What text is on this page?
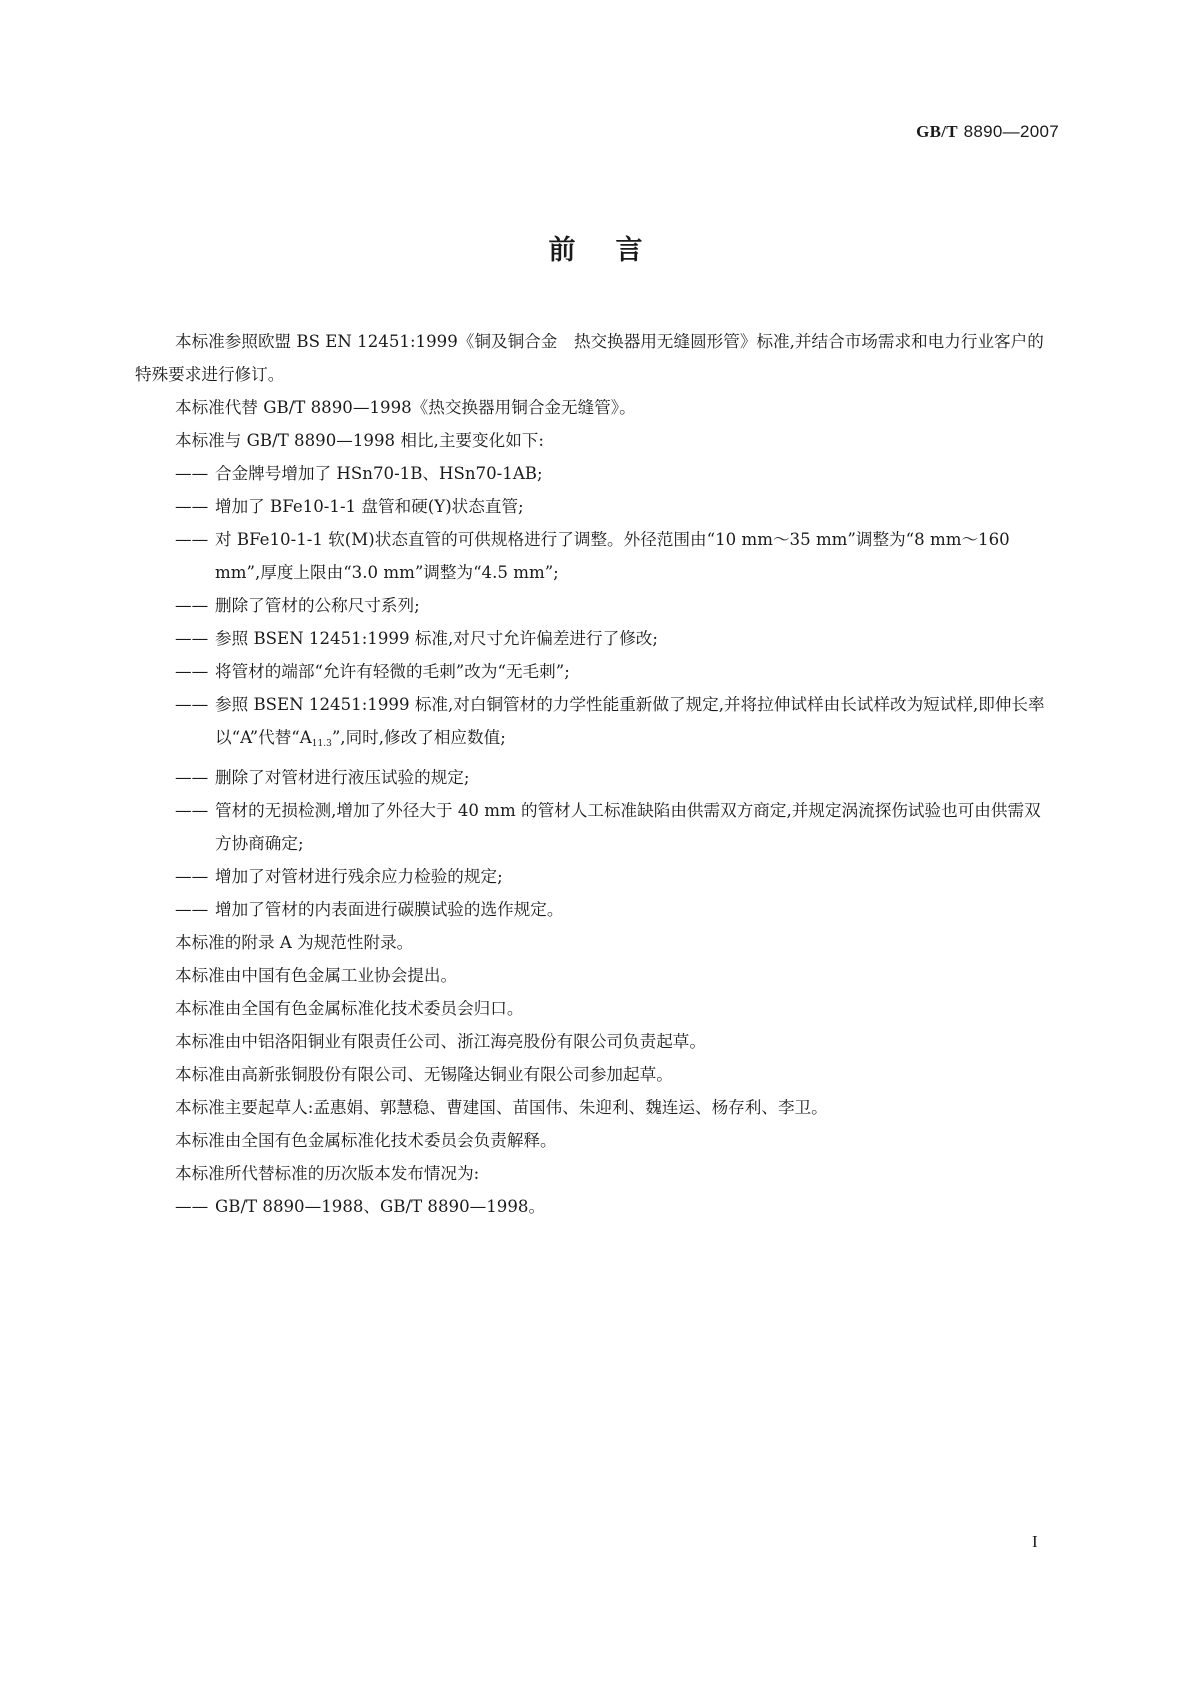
GB/T 8890—2007
前言

本标准参照欧盟 BS EN 12451:1999《铜及铜合金　热交换器用无缝圆形管》标准,并结合市场需求和电力行业客户的特殊要求进行修订。

本标准代替 GB/T 8890—1998《热交换器用铜合金无缝管》。

本标准与 GB/T 8890—1998 相比,主要变化如下:

—— 合金牌号增加了 HSn70-1B、HSn70-1AB;

—— 增加了 BFe10-1-1 盘管和硬(Y)状态直管;

—— 对 BFe10-1-1 软(M)状态直管的可供规格进行了调整。外径范围由“10 mm～35 mm”调整为“8 mm～160 mm”,厚度上限由“3.0 mm”调整为“4.5 mm”;

—— 删除了管材的公称尺寸系列;

—— 参照 BSEN 12451:1999 标准,对尺寸允许偏差进行了修改;

—— 将管材的端部“允许有轻微的毛刺”改为“无毛刺”;

—— 参照 BSEN 12451:1999 标准,对白铜管材的力学性能重新做了规定,并将拉伸试样由长试样改为短试样,即伸长率以“A”代替“$A_{11.3}$”,同时,修改了相应数值;

—— 删除了对管材进行液压试验的规定;

—— 管材的无损检测,增加了外径大于 40 mm 的管材人工标准缺陷由供需双方商定,并规定涡流探伤试验也可由供需双方协商确定;

—— 增加了对管材进行残余应力检验的规定;

—— 增加了管材的内表面进行碳膜试验的选作规定。

本标准的附录 A 为规范性附录。

本标准由中国有色金属工业协会提出。

本标准由全国有色金属标准化技术委员会归口。

本标准由中铝洛阳铜业有限责任公司、浙江海亮股份有限公司负责起草。

本标准由高新张铜股份有限公司、无锡隆达铜业有限公司参加起草。

本标准主要起草人:孟惠娟、郭慧稳、曹建国、苗国伟、朱迎利、魏连运、杨存利、李卫。

本标准由全国有色金属标准化技术委员会负责解释。

本标准所代替标准的历次版本发布情况为:

—— GB/T 8890—1988、GB/T 8890—1998。

I
